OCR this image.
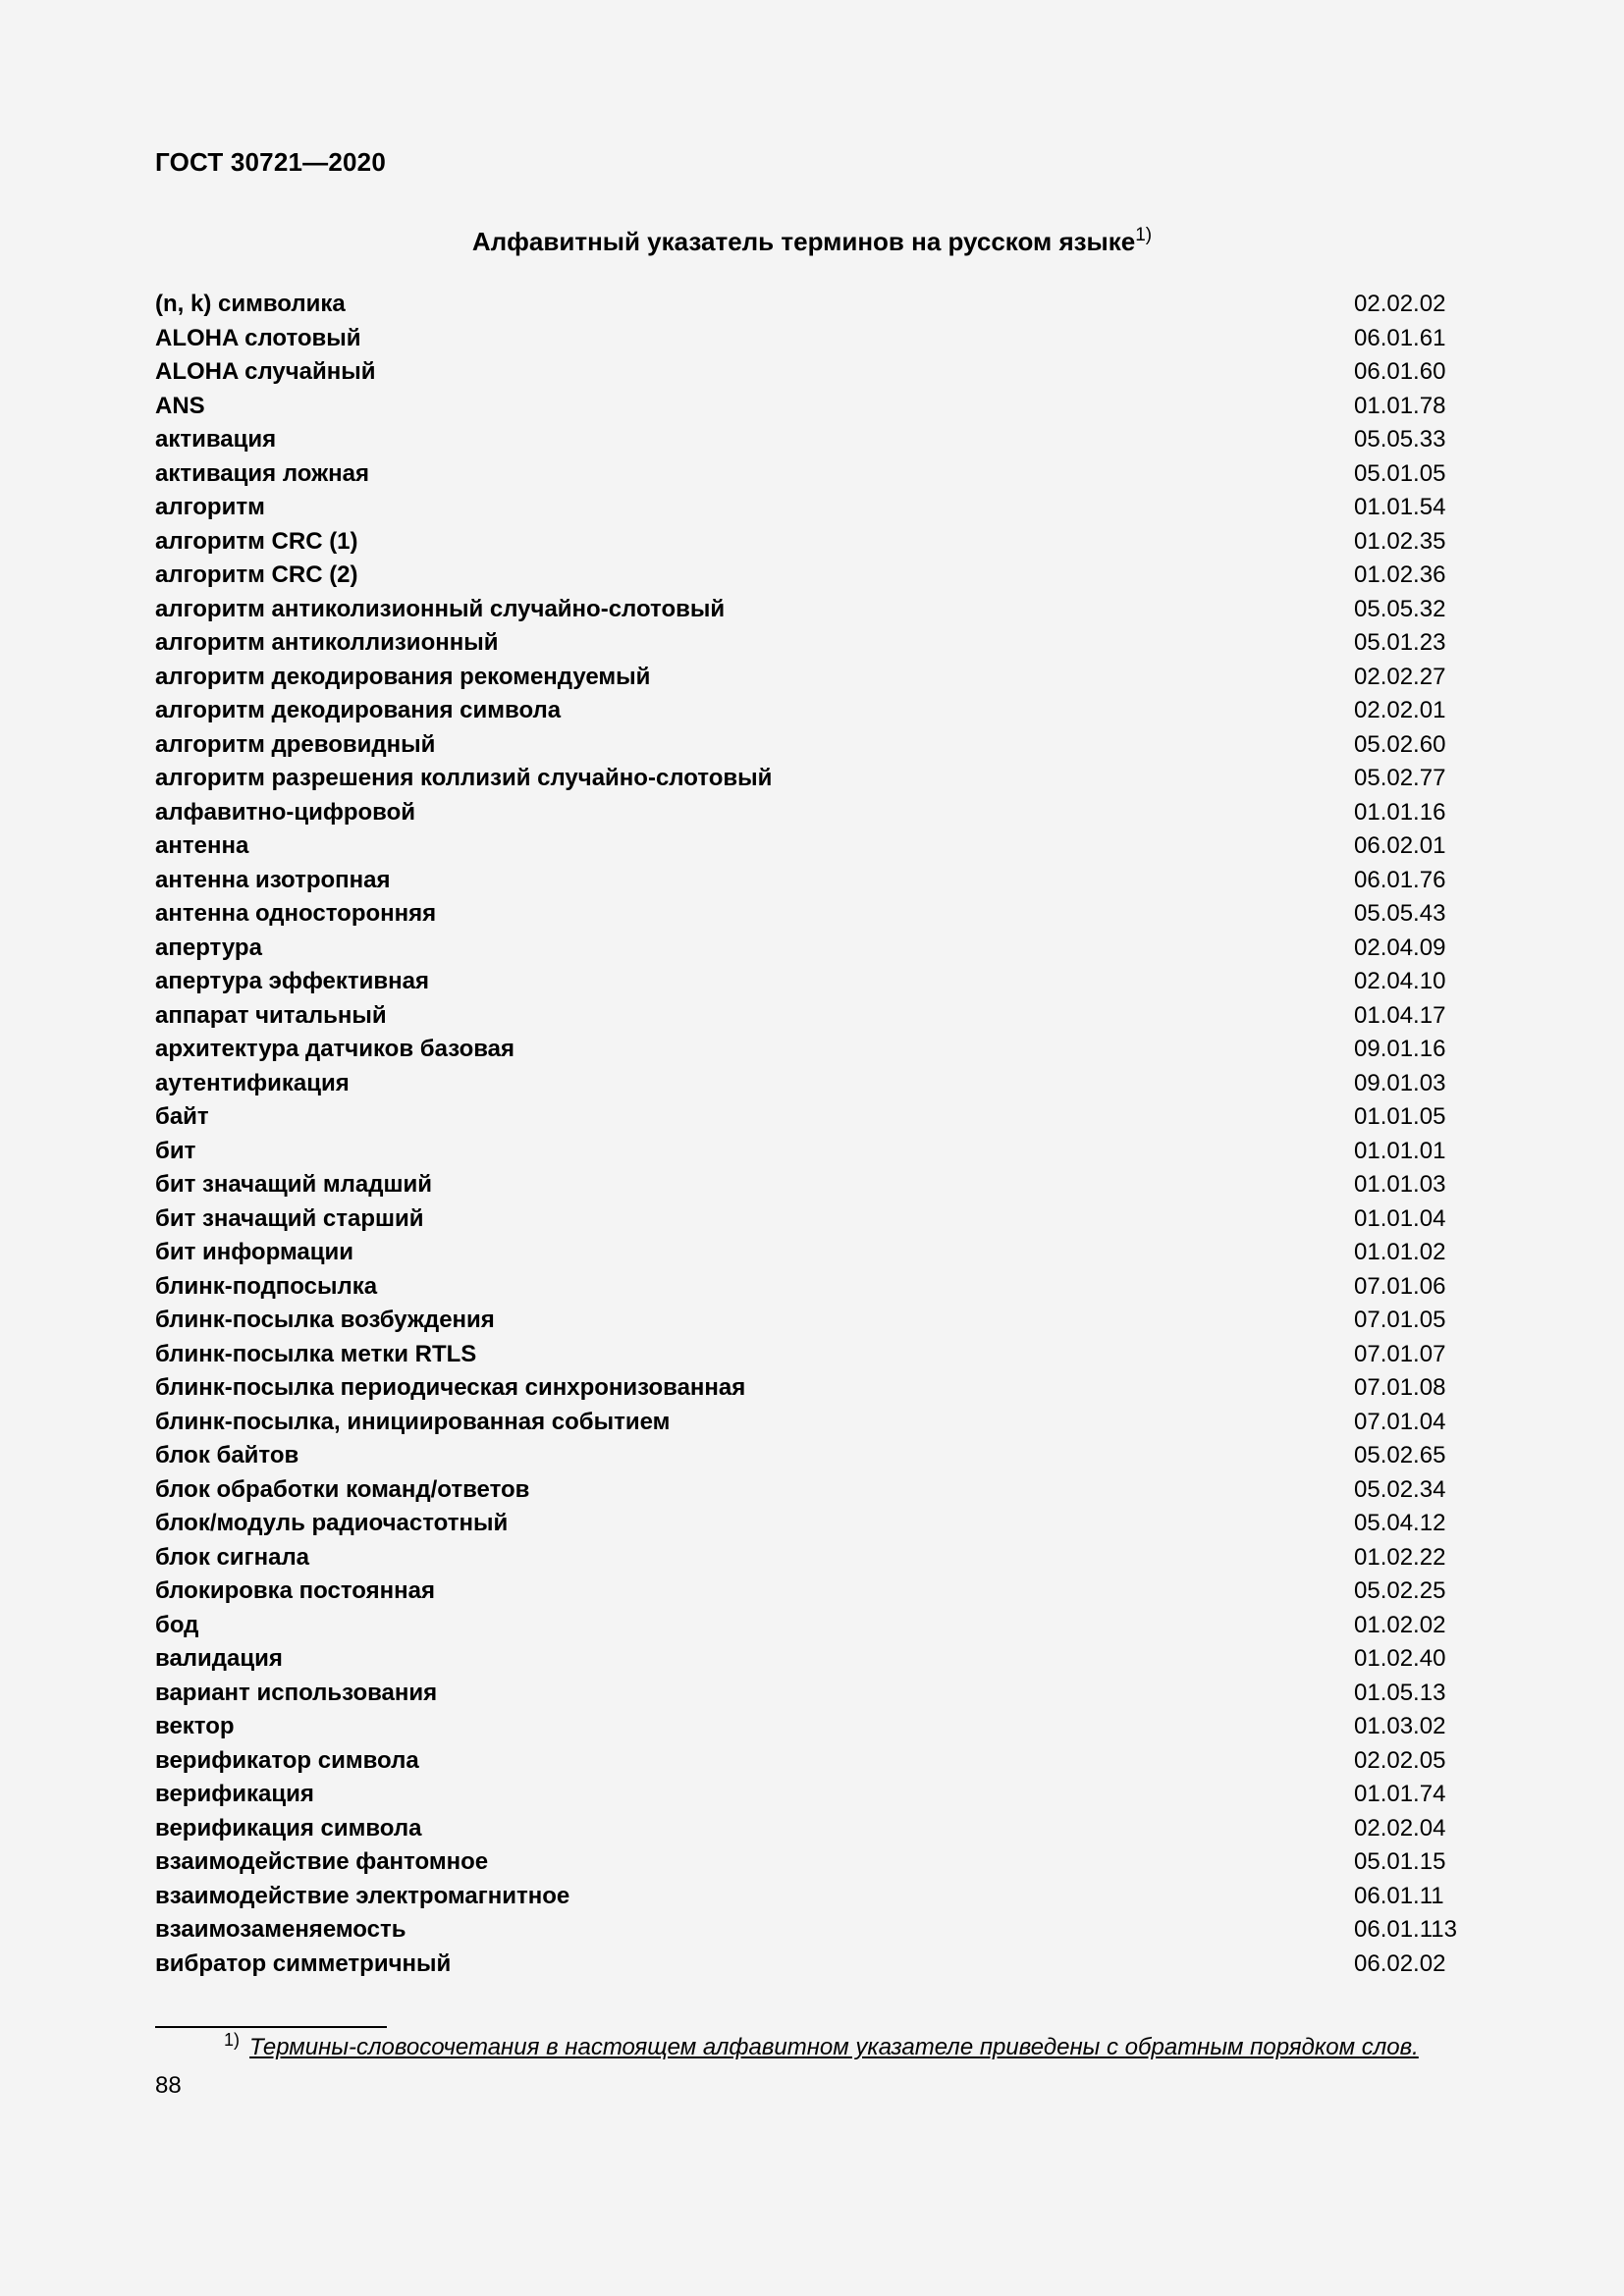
ГОСТ 30721—2020
Алфавитный указатель терминов на русском языке$^{1)}$
(n, k) символика	02.02.02
ALOHA слотовый	06.01.61
ALOHA случайный	06.01.60
ANS	01.01.78
активация	05.05.33
активация ложная	05.01.05
алгоритм	01.01.54
алгоритм CRC (1)	01.02.35
алгоритм CRC (2)	01.02.36
алгоритм антиколизионный случайно-слотовый	05.05.32
алгоритм антиколлизионный	05.01.23
алгоритм декодирования рекомендуемый	02.02.27
алгоритм декодирования символа	02.02.01
алгоритм древовидный	05.02.60
алгоритм разрешения коллизий случайно-слотовый	05.02.77
алфавитно-цифровой	01.01.16
антенна	06.02.01
антенна изотропная	06.01.76
антенна односторонняя	05.05.43
апертура	02.04.09
апертура эффективная	02.04.10
аппарат читальный	01.04.17
архитектура датчиков базовая	09.01.16
аутентификация	09.01.03
байт	01.01.05
бит	01.01.01
бит значащий младший	01.01.03
бит значащий старший	01.01.04
бит информации	01.01.02
блинк-подпосылка	07.01.06
блинк-посылка возбуждения	07.01.05
блинк-посылка метки RTLS	07.01.07
блинк-посылка периодическая синхронизованная	07.01.08
блинк-посылка, инициированная событием	07.01.04
блок байтов	05.02.65
блок обработки команд/ответов	05.02.34
блок/модуль радиочастотный	05.04.12
блок сигнала	01.02.22
блокировка постоянная	05.02.25
бод	01.02.02
валидация	01.02.40
вариант использования	01.05.13
вектор	01.03.02
верификатор символа	02.02.05
верификация	01.01.74
верификация символа	02.02.04
взаимодействие фантомное	05.01.15
взаимодействие электромагнитное	06.01.11
взаимозаменяемость	06.01.113
вибратор симметричный	06.02.02
$^{1)}$ Термины-словосочетания в настоящем алфавитном указателе приведены с обратным порядком слов.
88
